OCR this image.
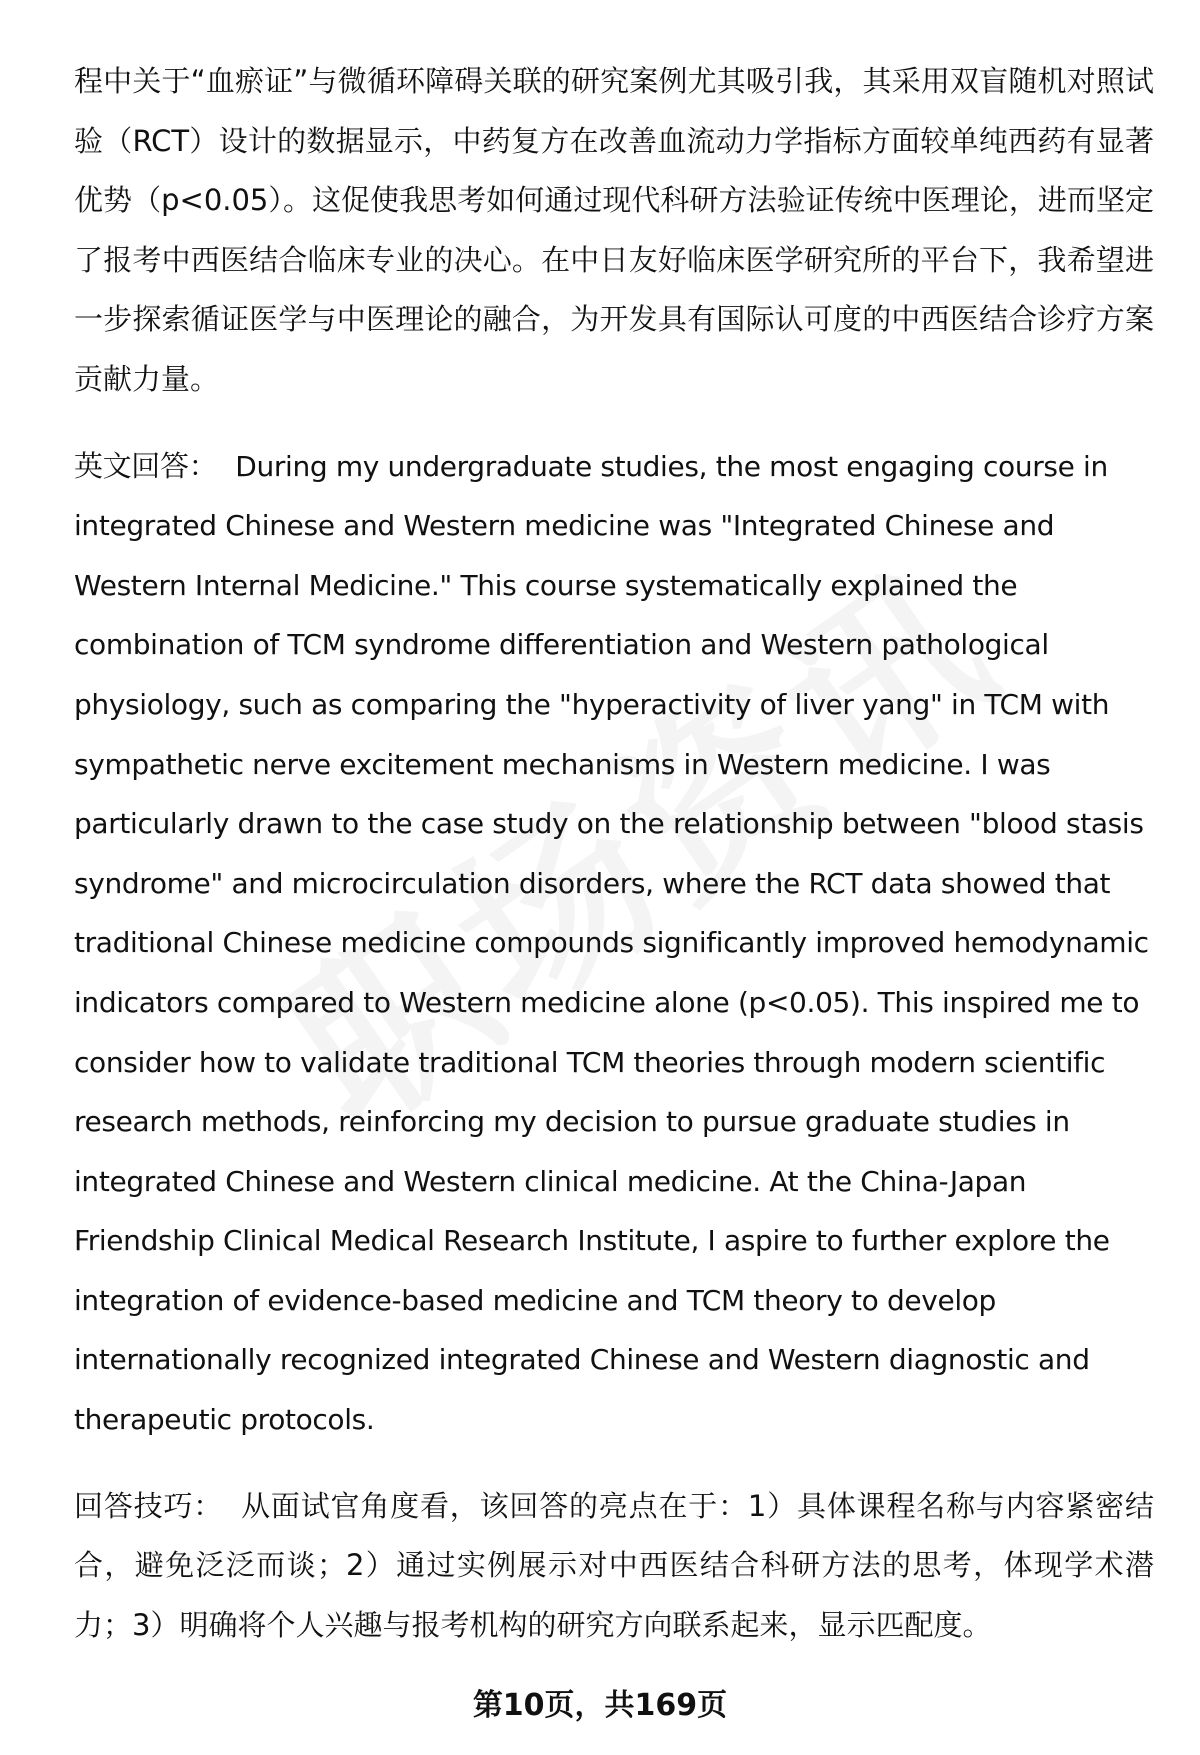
程中关于“血瘀证”与微循环障碍关联的研究案例尤其吸引我，其采用双盲随机对照试验（RCT）设计的数据显示，中药复方在改善血流动力学指标方面较单纯西药有显著优势（p<0.05）。这促使我思考如何通过现代科研方法验证传统中医理论，进而坚定了报考中西医结合临床专业的决心。在中日友好临床医学研究所的平台下，我希望进一步探索循证医学与中医理论的融合，为开发具有国际认可度的中西医结合诊疗方案贡献力量。

英文回答： During my undergraduate studies, the most engaging course in integrated Chinese and Western medicine was "Integrated Chinese and Western Internal Medicine." This course systematically explained the combination of TCM syndrome differentiation and Western pathological physiology, such as comparing the "hyperactivity of liver yang" in TCM with sympathetic nerve excitement mechanisms in Western medicine. I was particularly drawn to the case study on the relationship between "blood stasis syndrome" and microcirculation disorders, where the RCT data showed that traditional Chinese medicine compounds significantly improved hemodynamic indicators compared to Western medicine alone (p<0.05). This inspired me to consider how to validate traditional TCM theories through modern scientific research methods, reinforcing my decision to pursue graduate studies in integrated Chinese and Western clinical medicine. At the China-Japan Friendship Clinical Medical Research Institute, I aspire to further explore the integration of evidence-based medicine and TCM theory to develop internationally recognized integrated Chinese and Western diagnostic and therapeutic protocols.

回答技巧： 从面试官角度看，该回答的亮点在于：1）具体课程名称与内容紧密结合，避免泛泛而谈；2）通过实例展示对中西医结合科研方法的思考，体现学术潜力；3）明确将个人兴趣与报考机构的研究方向联系起来，显示匹配度。

第10页，共169页
